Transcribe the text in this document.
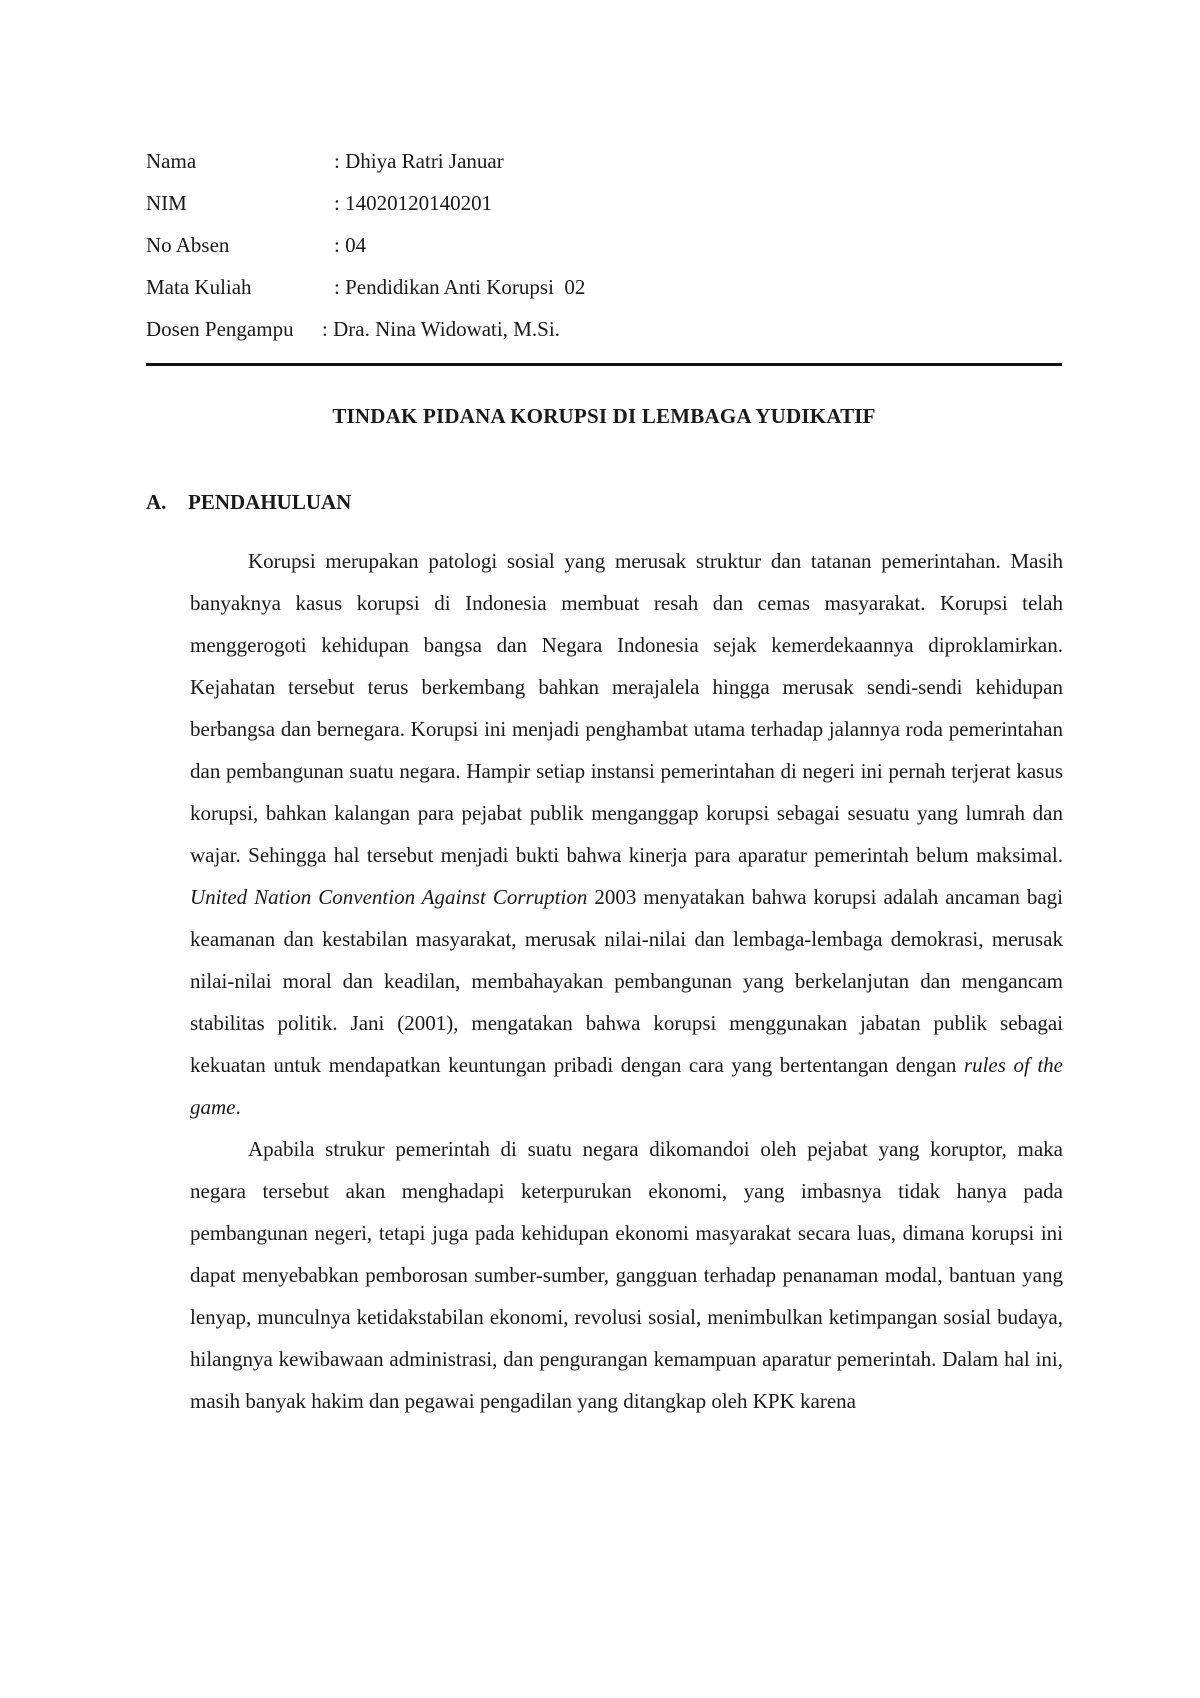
Nama	: Dhiya Ratri Januar
NIM	: 14020120140201
No Absen	: 04
Mata Kuliah	: Pendidikan Anti Korupsi  02
Dosen Pengampu	: Dra. Nina Widowati, M.Si.
TINDAK PIDANA KORUPSI DI LEMBAGA YUDIKATIF
A.	PENDAHULUAN

Korupsi merupakan patologi sosial yang merusak struktur dan tatanan pemerintahan. Masih banyaknya kasus korupsi di Indonesia membuat resah dan cemas masyarakat. Korupsi telah menggerogoti kehidupan bangsa dan Negara Indonesia sejak kemerdekaannya diproklamirkan. Kejahatan tersebut terus berkembang bahkan merajalela hingga merusak sendi-sendi kehidupan berbangsa dan bernegara. Korupsi ini menjadi penghambat utama terhadap jalannya roda pemerintahan dan pembangunan suatu negara. Hampir setiap instansi pemerintahan di negeri ini pernah terjerat kasus korupsi, bahkan kalangan para pejabat publik menganggap korupsi sebagai sesuatu yang lumrah dan wajar. Sehingga hal tersebut menjadi bukti bahwa kinerja para aparatur pemerintah belum maksimal. United Nation Convention Against Corruption 2003 menyatakan bahwa korupsi adalah ancaman bagi keamanan dan kestabilan masyarakat, merusak nilai-nilai dan lembaga-lembaga demokrasi, merusak nilai-nilai moral dan keadilan, membahayakan pembangunan yang berkelanjutan dan mengancam stabilitas politik. Jani (2001), mengatakan bahwa korupsi menggunakan jabatan publik sebagai kekuatan untuk mendapatkan keuntungan pribadi dengan cara yang bertentangan dengan rules of the game.

Apabila strukur pemerintah di suatu negara dikomandoi oleh pejabat yang koruptor, maka negara tersebut akan menghadapi keterpurukan ekonomi, yang imbasnya tidak hanya pada pembangunan negeri, tetapi juga pada kehidupan ekonomi masyarakat secara luas, dimana korupsi ini dapat menyebabkan pemborosan sumber-sumber, gangguan terhadap penanaman modal, bantuan yang lenyap, munculnya ketidakstabilan ekonomi, revolusi sosial, menimbulkan ketimpangan sosial budaya, hilangnya kewibawaan administrasi, dan pengurangan kemampuan aparatur pemerintah. Dalam hal ini, masih banyak hakim dan pegawai pengadilan yang ditangkap oleh KPK karena
